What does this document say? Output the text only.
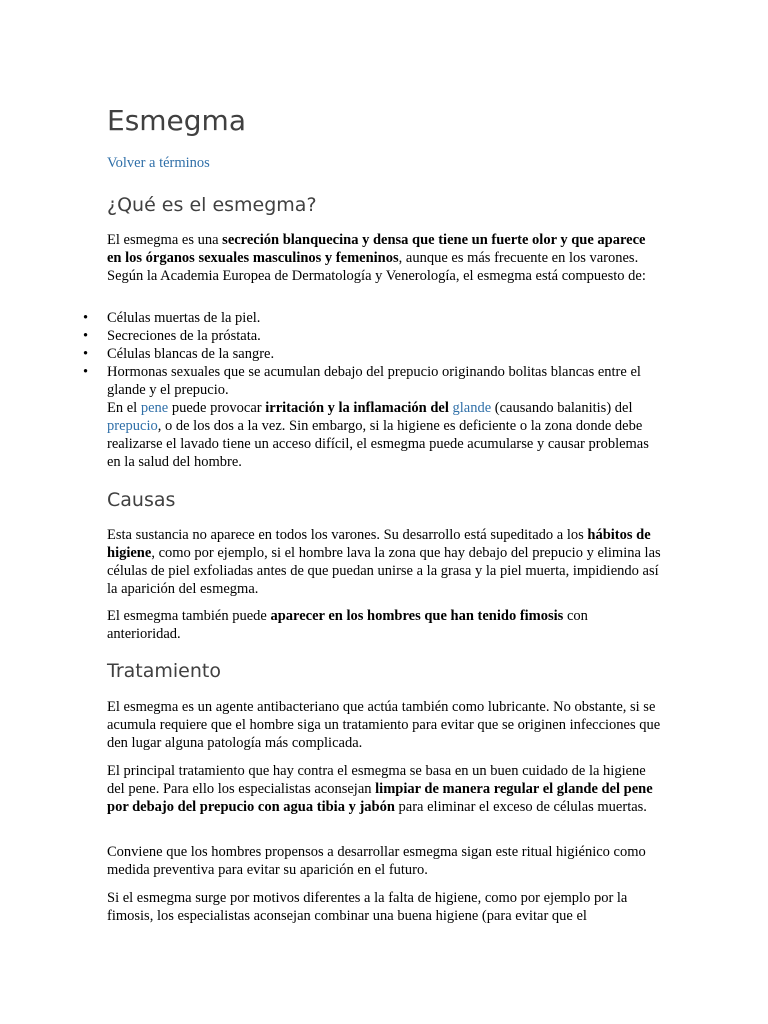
Esmegma
Volver a términos
¿Qué es el esmegma?

El esmegma es una secreción blanquecina y densa que tiene un fuerte olor y que aparece en los órganos sexuales masculinos y femeninos, aunque es más frecuente en los varones. Según la Academia Europea de Dermatología y Venerología, el esmegma está compuesto de:

• Células muertas de la piel.
• Secreciones de la próstata.
• Células blancas de la sangre.
• Hormonas sexuales que se acumulan debajo del prepucio originando bolitas blancas entre el glande y el prepucio.

En el pene puede provocar irritación y la inflamación del glande (causando balanitis) del prepucio, o de los dos a la vez. Sin embargo, si la higiene es deficiente o la zona donde debe realizarse el lavado tiene un acceso difícil, el esmegma puede acumularse y causar problemas en la salud del hombre.

Causas

Esta sustancia no aparece en todos los varones. Su desarrollo está supeditado a los hábitos de higiene, como por ejemplo, si el hombre lava la zona que hay debajo del prepucio y elimina las células de piel exfoliadas antes de que puedan unirse a la grasa y la piel muerta, impidiendo así la aparición del esmegma.

El esmegma también puede aparecer en los hombres que han tenido fimosis con anterioridad.

Tratamiento

El esmegma es un agente antibacteriano que actúa también como lubricante. No obstante, si se acumula requiere que el hombre siga un tratamiento para evitar que se originen infecciones que den lugar alguna patología más complicada.

El principal tratamiento que hay contra el esmegma se basa en un buen cuidado de la higiene del pene. Para ello los especialistas aconsejan limpiar de manera regular el glande del pene por debajo del prepucio con agua tibia y jabón para eliminar el exceso de células muertas.

Conviene que los hombres propensos a desarrollar esmegma sigan este ritual higiénico como medida preventiva para evitar su aparición en el futuro.

Si el esmegma surge por motivos diferentes a la falta de higiene, como por ejemplo por la fimosis, los especialistas aconsejan combinar una buena higiene (para evitar que el
